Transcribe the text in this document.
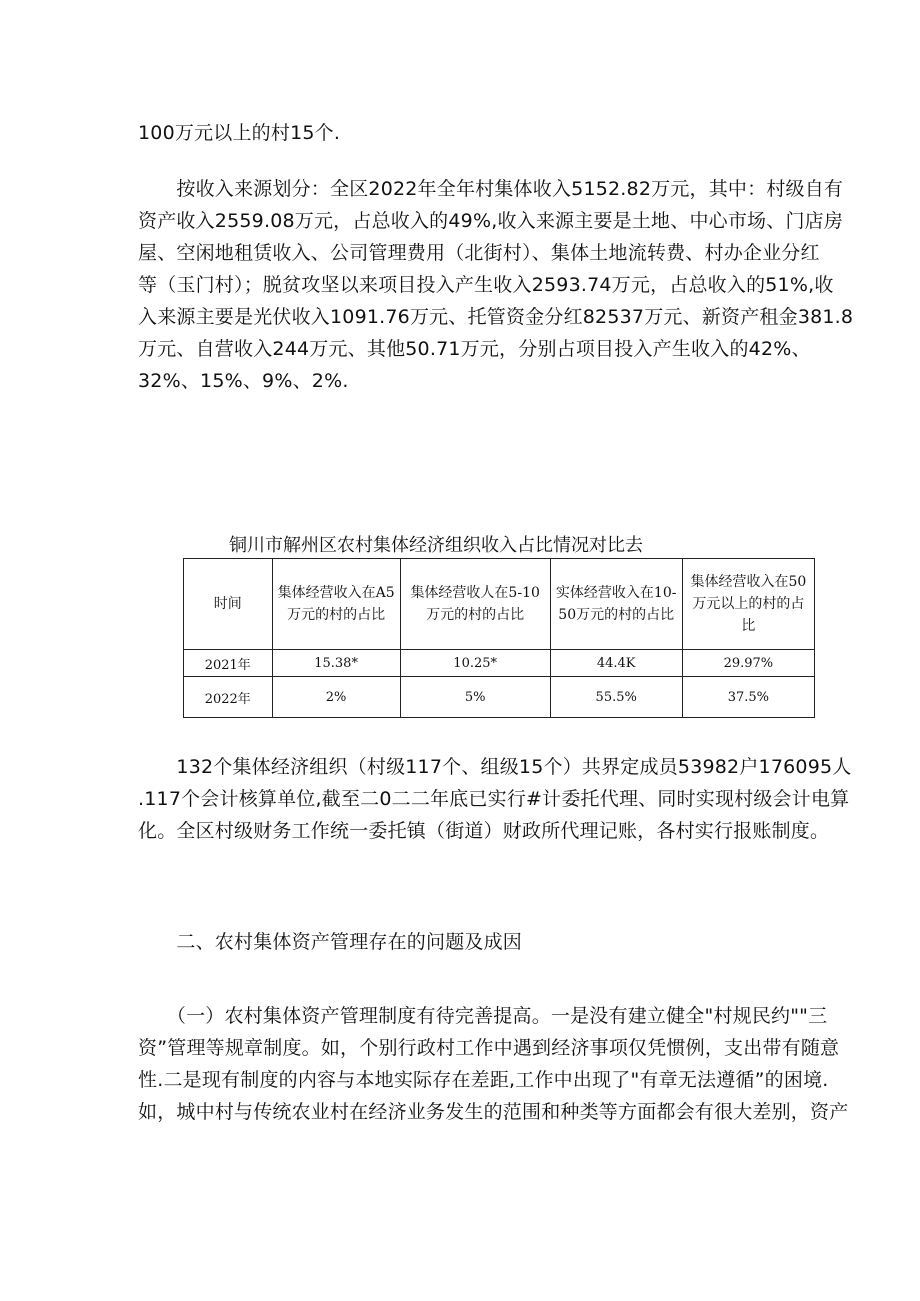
100万元以上的村15个.
　　按收入来源划分：全区2022年全年村集体收入5152.82万元，其中：村级自有
资产收入2559.08万元，占总收入的49%,收入来源主要是土地、中心市场、门店房
屋、空闲地租赁收入、公司管理费用（北街村）、集体土地流转费、村办企业分红
等（玉门村）；脱贫攻坚以来项目投入产生收入2593.74万元，占总收入的51%,收
入来源主要是光伏收入1091.76万元、托管资金分红82537万元、新资产租金381.8
万元、自营收入244万元、其他50.71万元，分别占项目投入产生收入的42%、
32%、15%、9%、2%.
铜川市解州区农村集体经济组织收入占比情况对比去
时间	集体经营收入在A5万元的村的占比	集体经营收人在5-10万元的村的占比	实体经营收入在10-50万元的村的占比	集体经营收入在50万元以上的村的占比
2021年	15.38*	10.25*	44.4K	29.97%
2022年	2%	5%	55.5%	37.5%
　　132个集体经济组织（村级117个、组级15个）共界定成员53982户176095人
.117个会计核算单位,截至二0二二年底已实行#计委托代理、同时实现村级会计电算
化。全区村级财务工作统一委托镇（街道）财政所代理记账，各村实行报账制度。
　　二、农村集体资产管理存在的问题及成因
　　（一）农村集体资产管理制度有待完善提高。一是没有建立健全"村规民约""三
资”管理等规章制度。如，个别行政村工作中遇到经济事项仅凭惯例，支出带有随意
性.二是现有制度的内容与本地实际存在差距,工作中出现了"有章无法遵循”的困境.
如，城中村与传统农业村在经济业务发生的范围和种类等方面都会有很大差别，资产
